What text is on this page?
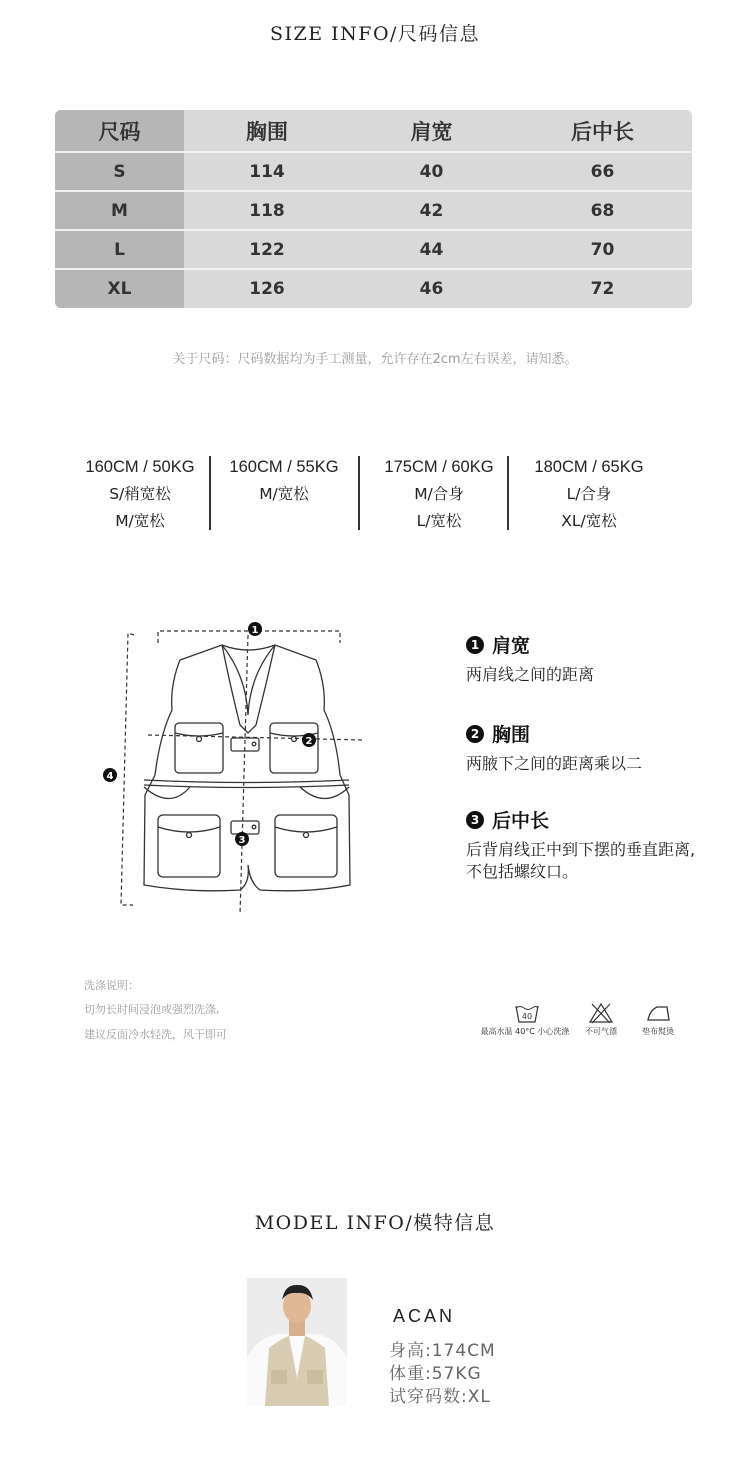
SIZE INFO/尺码信息
尺码	胸围	肩宽	后中长
S	114	40	66
M	118	42	68
L	122	44	70
XL	126	46	72
关于尺码：尺码数据均为手工测量，允许存在2cm左右误差，请知悉。
160CM / 50KG
S/稍宽松
M/宽松
160CM / 55KG
M/宽松
175CM / 60KG
M/合身
L/宽松
180CM / 65KG
L/合身
XL/宽松
1
2
3
4
1 肩宽
两肩线之间的距离
2 胸围
两腋下之间的距离乘以二
3 后中长
后背肩线正中到下摆的垂直距离,不包括螺纹口。
洗涤说明：
切勿长时间浸泡或强烈洗涤,
建议反面冷水轻洗，风干即可
40
最高水温 40°C 小心洗涤	不可气漂	垫布熨烫
MODEL INFO/模特信息
ACAN
身高:174CM
体重:57KG
试穿码数:XL
